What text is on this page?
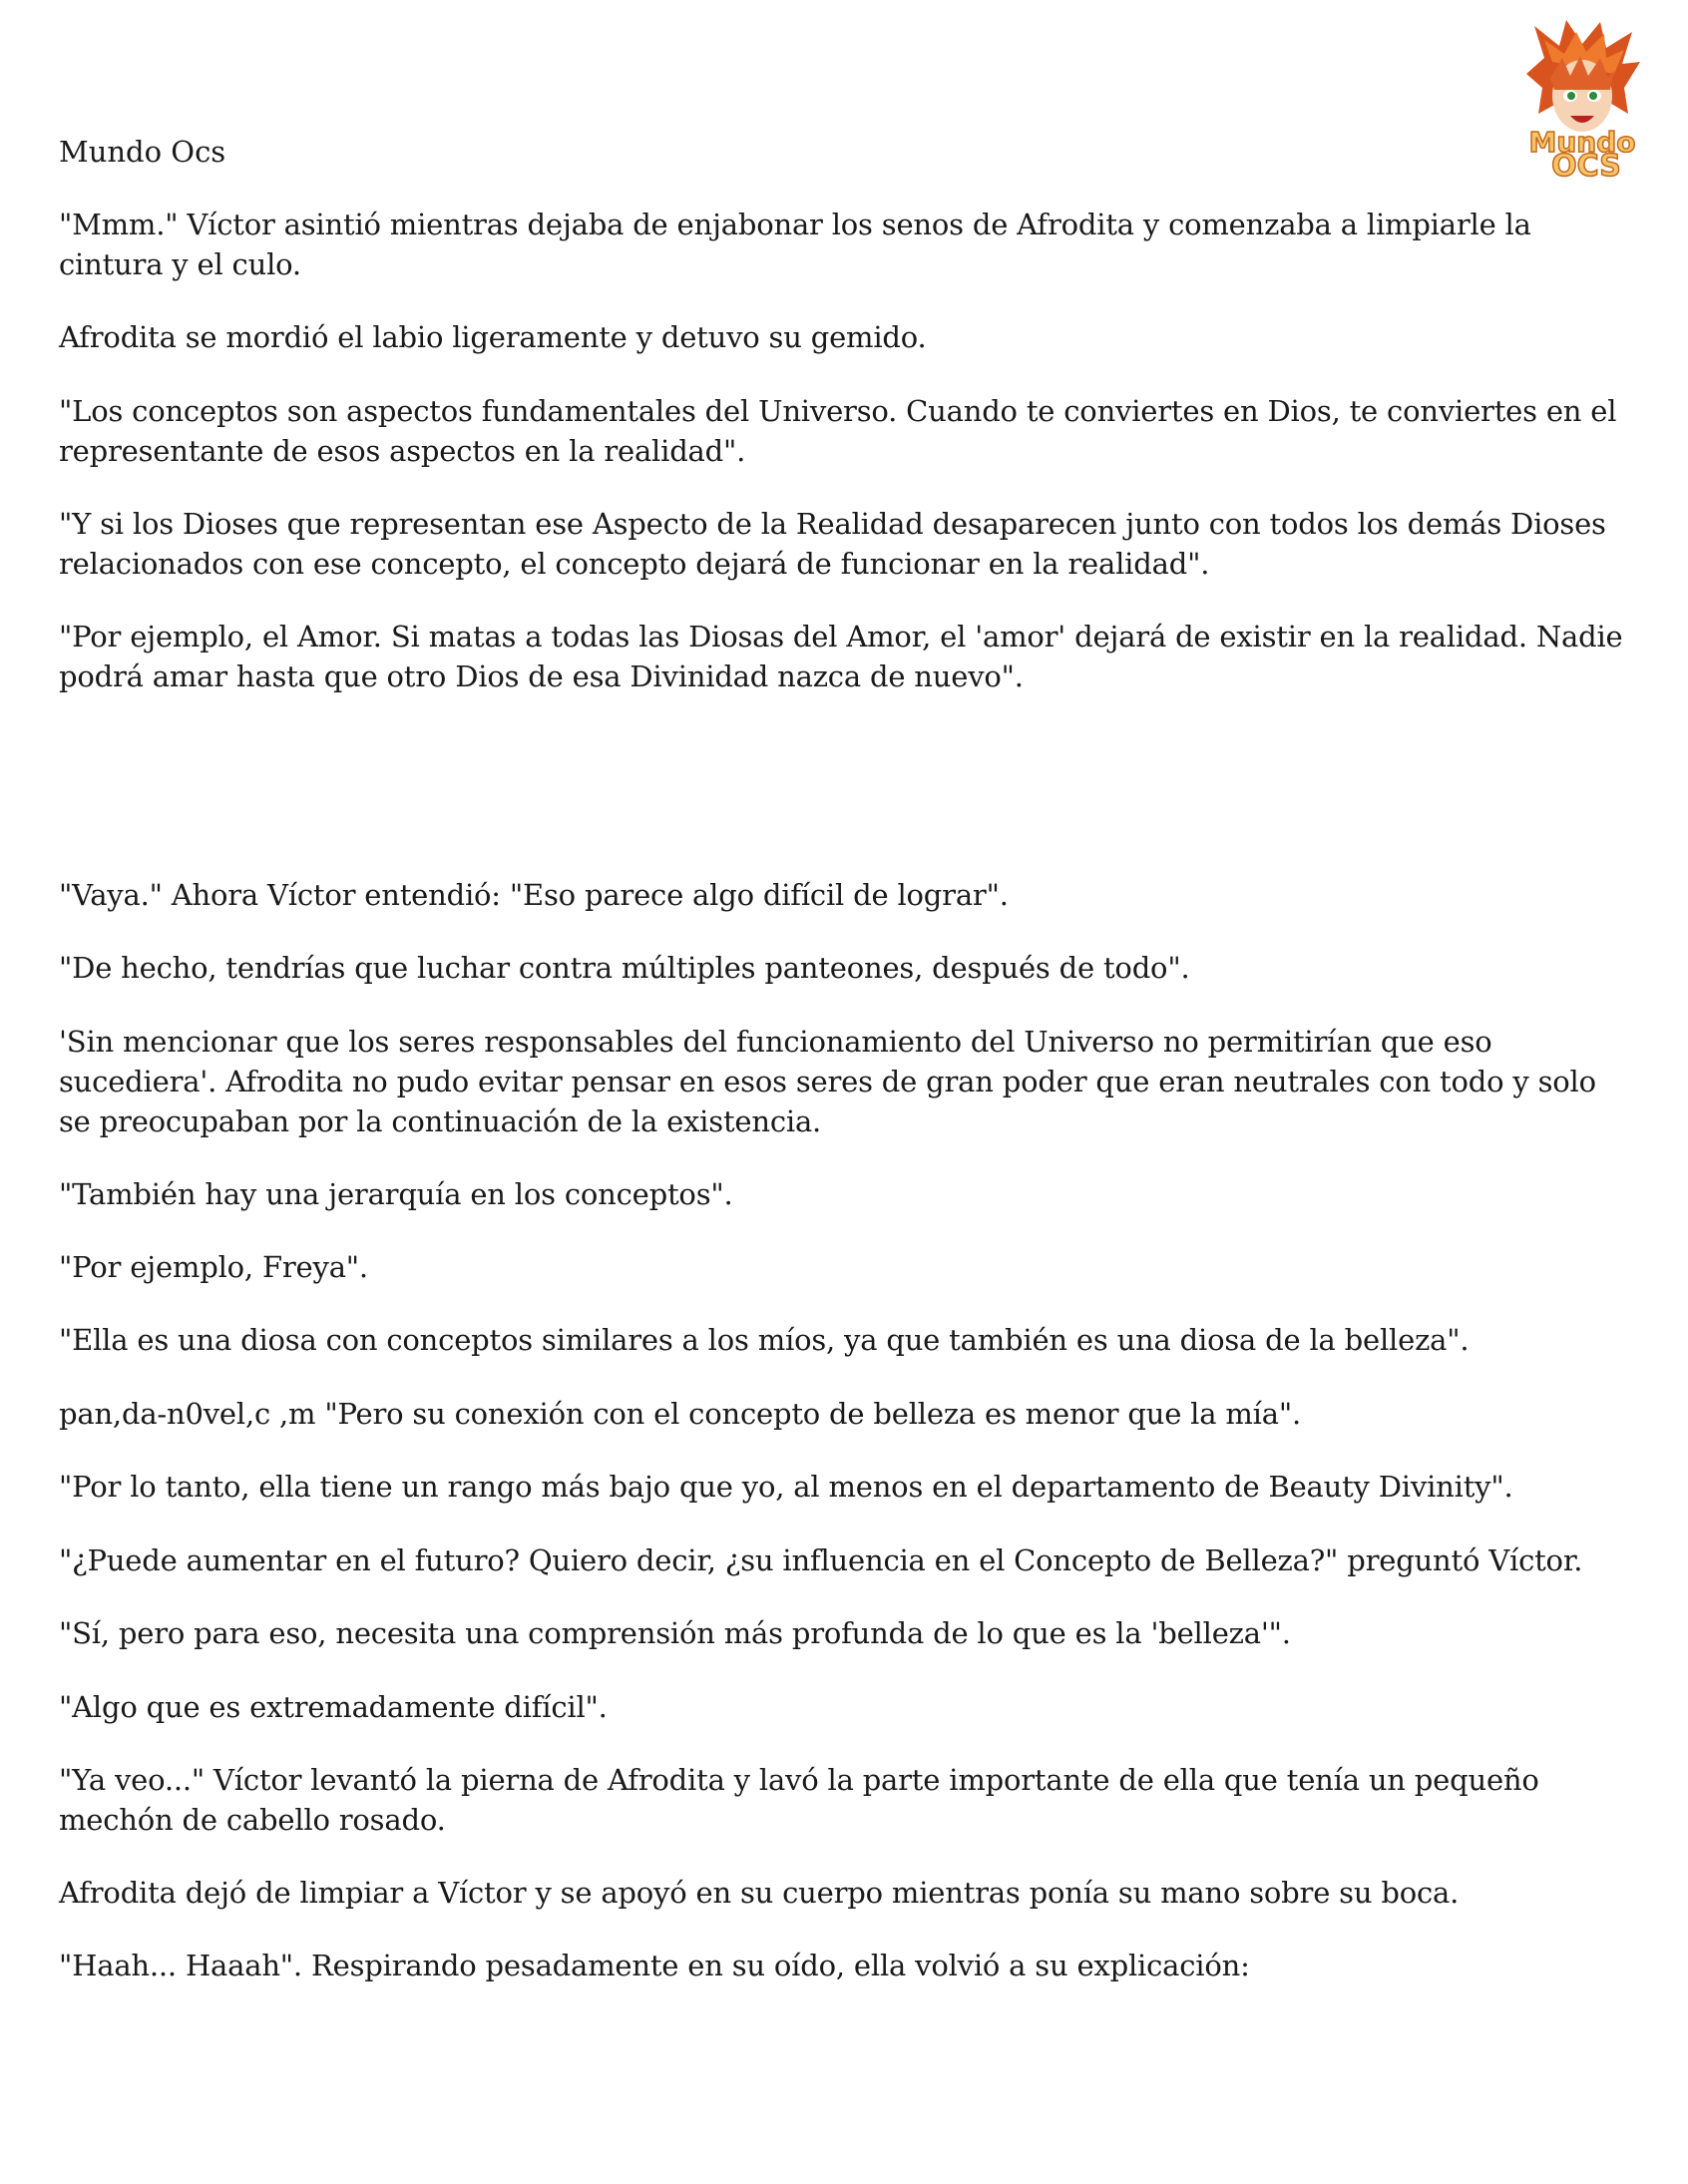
Mundo
OCS

Mundo Ocs

"Mmm." Víctor asintió mientras dejaba de enjabonar los senos de Afrodita y comenzaba a limpiarle la cintura y el culo.

Afrodita se mordió el labio ligeramente y detuvo su gemido.

"Los conceptos son aspectos fundamentales del Universo. Cuando te conviertes en Dios, te conviertes en el representante de esos aspectos en la realidad".

"Y si los Dioses que representan ese Aspecto de la Realidad desaparecen junto con todos los demás Dioses relacionados con ese concepto, el concepto dejará de funcionar en la realidad".

"Por ejemplo, el Amor. Si matas a todas las Diosas del Amor, el 'amor' dejará de existir en la realidad. Nadie podrá amar hasta que otro Dios de esa Divinidad nazca de nuevo".

"Vaya." Ahora Víctor entendió: "Eso parece algo difícil de lograr".

"De hecho, tendrías que luchar contra múltiples panteones, después de todo".

'Sin mencionar que los seres responsables del funcionamiento del Universo no permitirían que eso sucediera'. Afrodita no pudo evitar pensar en esos seres de gran poder que eran neutrales con todo y solo se preocupaban por la continuación de la existencia.

"También hay una jerarquía en los conceptos".

"Por ejemplo, Freya".

"Ella es una diosa con conceptos similares a los míos, ya que también es una diosa de la belleza".

pan,da-n0vel,c ,m "Pero su conexión con el concepto de belleza es menor que la mía".

"Por lo tanto, ella tiene un rango más bajo que yo, al menos en el departamento de Beauty Divinity".

"¿Puede aumentar en el futuro? Quiero decir, ¿su influencia en el Concepto de Belleza?" preguntó Víctor.

"Sí, pero para eso, necesita una comprensión más profunda de lo que es la 'belleza'".

"Algo que es extremadamente difícil".

"Ya veo..." Víctor levantó la pierna de Afrodita y lavó la parte importante de ella que tenía un pequeño mechón de cabello rosado.

Afrodita dejó de limpiar a Víctor y se apoyó en su cuerpo mientras ponía su mano sobre su boca.

"Haah... Haaah". Respirando pesadamente en su oído, ella volvió a su explicación:
